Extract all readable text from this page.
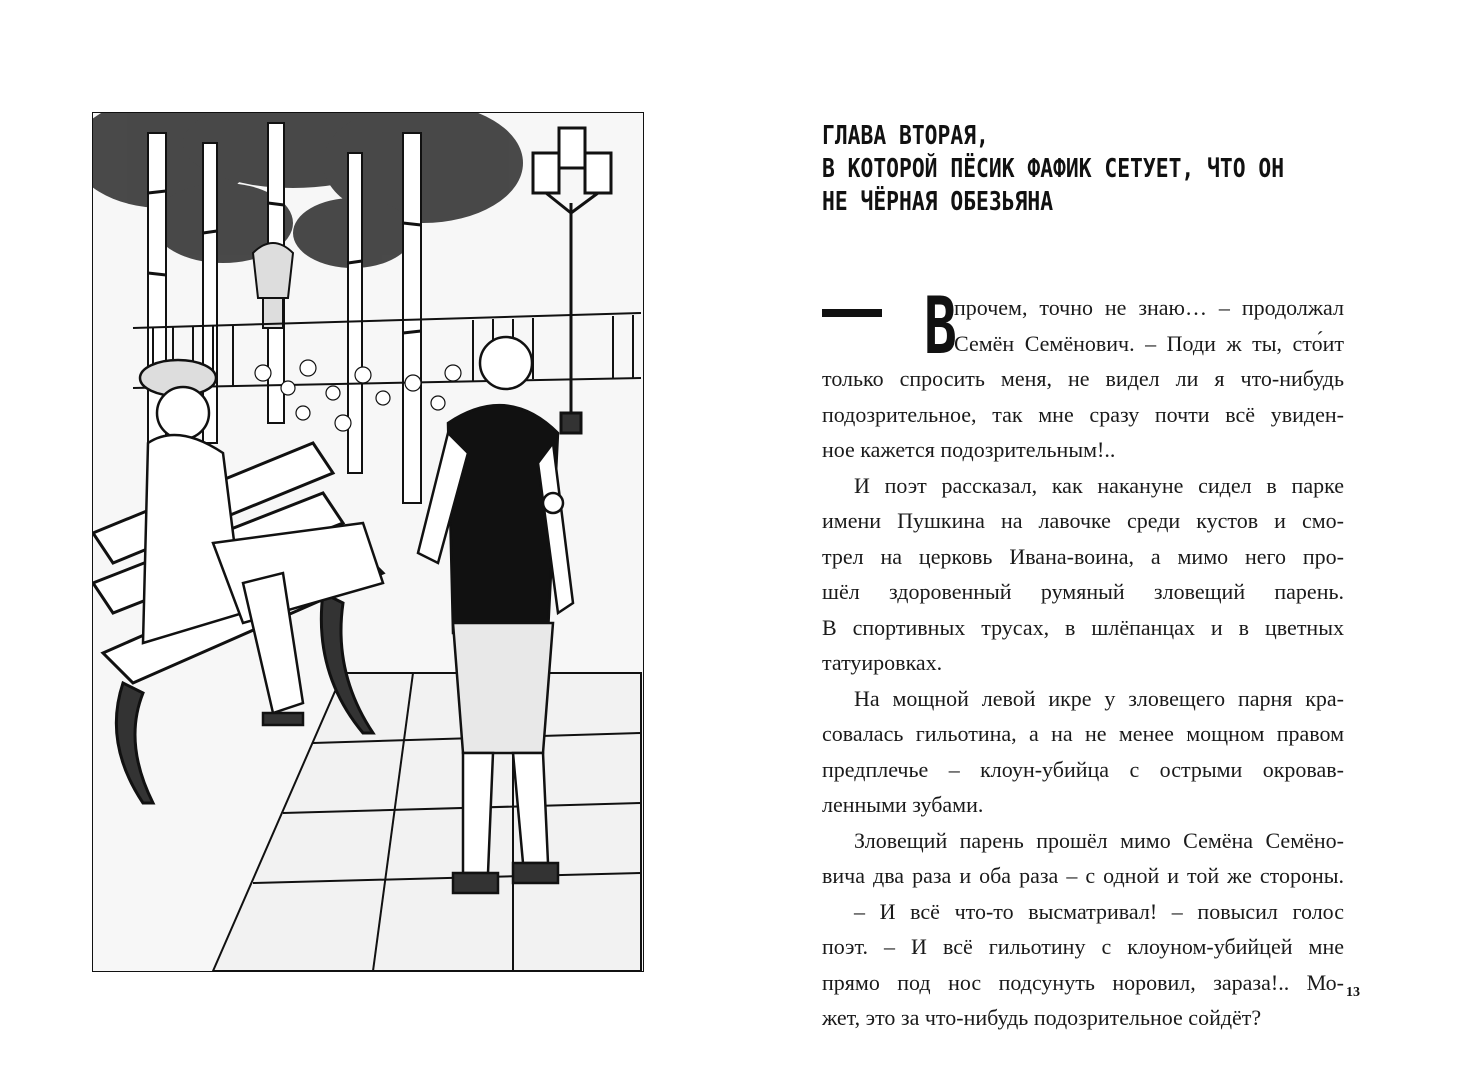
ГЛАВА ВТОРАЯ,
В КОТОРОЙ ПЁСИК ФАФИК СЕТУЕТ, ЧТО ОН
НЕ ЧЁРНАЯ ОБЕЗЬЯНА
В
прочем, точно не знаю… – продолжал
Семён Семёнович. – Поди ж ты, сто́ит
только спросить меня, не видел ли я что-нибудь
подозрительное, так мне сразу почти всё увиден-
ное кажется подозрительным!..
И поэт рассказал, как накануне сидел в парке
имени Пушкина на лавочке среди кустов и смо-
трел на церковь Ивана-воина, а мимо него про-
шёл здоровенный румяный зловещий парень.
В спортивных трусах, в шлёпанцах и в цветных
татуировках.
На мощной левой икре у зловещего парня кра-
совалась гильотина, а на не менее мощном правом
предплечье – клоун-убийца с острыми окровав-
ленными зубами.
Зловещий парень прошёл мимо Семёна Семёно-
вича два раза и оба раза – с одной и той же стороны.
– И всё что-то высматривал! – повысил голос
поэт. – И всё гильотину с клоуном-убийцей мне
прямо под нос подсунуть норовил, зараза!.. Мо-
жет, это за что-нибудь подозрительное сойдёт?
13
